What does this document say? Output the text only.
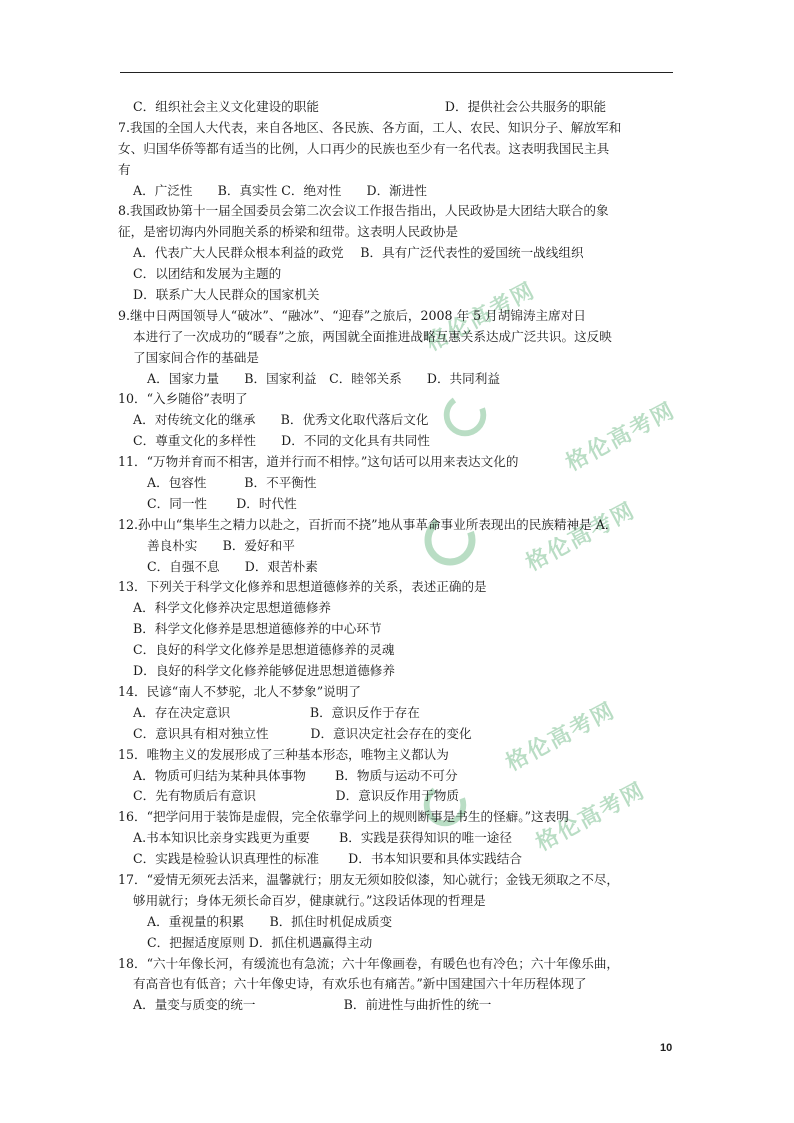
格伦高考网
格伦高考网
格伦高考网
格伦高考网
格伦高考网
C．组织社会主义文化建设的职能　　　　　　　　　　D．提供社会公共服务的职能
7.我国的全国人大代表，来自各地区、各民族、各方面，工人、农民、知识分子、解放军和
女、归国华侨等都有适当的比例，人口再少的民族也至少有一名代表。这表明我国民主具
有
A．广泛性　　B．真实性 C．绝对性　　D．渐进性
8.我国政协第十一届全国委员会第二次会议工作报告指出，人民政协是大团结大联合的象
征，是密切海内外同胞关系的桥梁和纽带。这表明人民政协是
A．代表广大人民群众根本利益的政党　 B．具有广泛代表性的爱国统一战线组织
C．以团结和发展为主题的
D．联系广大人民群众的国家机关
9.继中日两国领导人“破冰”、“融冰”、“迎春”之旅后，2008 年 5 月胡锦涛主席对日
本进行了一次成功的“暖春”之旅，两国就全面推进战略互惠关系达成广泛共识。这反映
了国家间合作的基础是
A．国家力量　　B．国家利益　C．睦邻关系　　D．共同利益
10．“入乡随俗”表明了
A．对传统文化的继承　　B．优秀文化取代落后文化
C．尊重文化的多样性　　D．不同的文化具有共同性
11．“万物并育而不相害，道并行而不相悖。”这句话可以用来表达文化的
A．包容性　　　B．不平衡性
C．同一性　　 D．时代性
12.孙中山“集毕生之精力以赴之，百折而不挠”地从事革命事业所表现出的民族精神是 A．
善良朴实　　B．爱好和平
C．自强不息　　D．艰苦朴素
13．下列关于科学文化修养和思想道德修养的关系，表述正确的是
A．科学文化修养决定思想道德修养
B．科学文化修养是思想道德修养的中心环节
C．良好的科学文化修养是思想道德修养的灵魂
D．良好的科学文化修养能够促进思想道德修养
14．民谚“南人不梦驼，北人不梦象”说明了
A．存在决定意识　　　　　　 B．意识反作于存在
C．意识具有相对独立性　　　 D．意识决定社会存在的变化
15．唯物主义的发展形成了三种基本形态，唯物主义都认为
A．物质可归结为某种具体事物　　 B．物质与运动不可分
C．先有物质后有意识　　　　　　 D．意识反作用于物质
16．“把学问用于装饰是虚假，完全依靠学问上的规则断事是书生的怪癖。”这表明
A.书本知识比亲身实践更为重要　　 B．实践是获得知识的唯一途径
C．实践是检验认识真理性的标准　　 D．书本知识要和具体实践结合
17．“爱情无须死去活来，温馨就行；朋友无须如胶似漆，知心就行；金钱无须取之不尽，
够用就行；身体无须长命百岁，健康就行。”这段话体现的哲理是
A．重视量的积累　　B．抓住时机促成质变
C．把握适度原则 D．抓住机遇赢得主动
18．“六十年像长河，有缓流也有急流；六十年像画卷，有暖色也有冷色；六十年像乐曲，
有高音也有低音；六十年像史诗，有欢乐也有痛苦。”新中国建国六十年历程体现了
A．量变与质变的统一　　　　　　　B．前进性与曲折性的统一
10
